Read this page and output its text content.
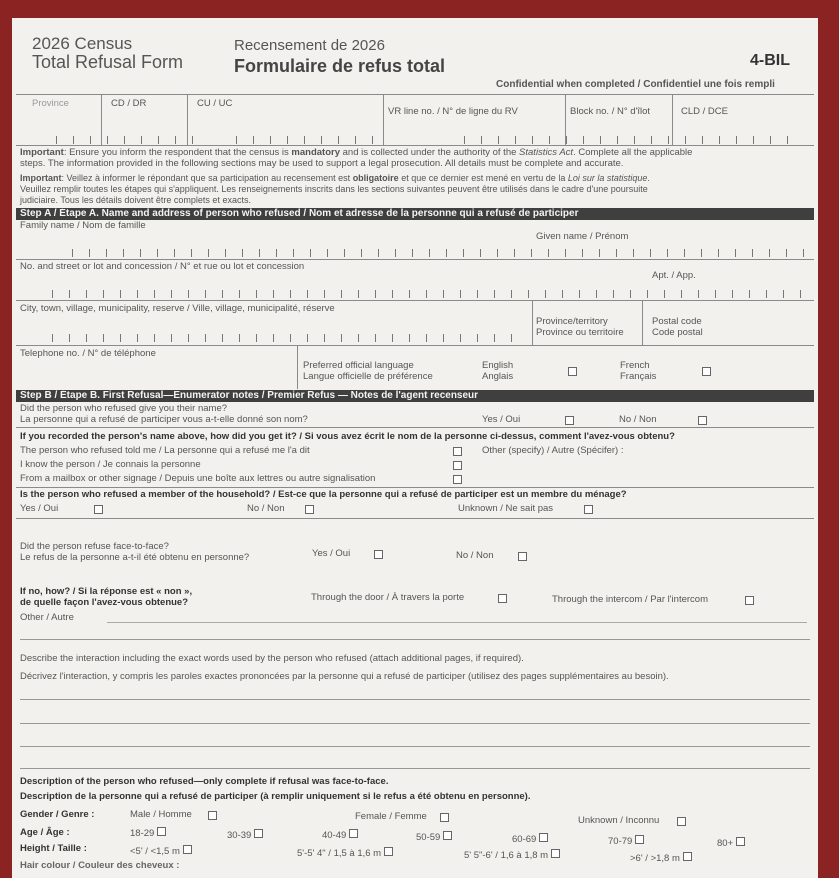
2026 Census	Recensement de 2026
Total Refusal Form	Formulaire de refus total	4-BIL
Confidential when completed / Confidentiel une fois rempli
Province	CD / DR	CU / UC
VR line no. / N° de ligne du RV	Block no. / N° d'îlot	CLD / DCE
Important: Ensure you inform the respondent that the census is mandatory and is collected under the authority of the Statistics Act. Complete all the applicable
steps. The information provided in the following sections may be used to support a legal prosecution. All details must be complete and accurate.
Important: Veillez à informer le répondant que sa participation au recensement est obligatoire et que ce dernier est mené en vertu de la Loi sur la statistique.
Veuillez remplir toutes les étapes qui s'appliquent. Les renseignements inscrits dans les sections suivantes peuvent être utilisés dans le cadre d'une poursuite
judiciaire. Tous les détails doivent être complets et exacts.
Step A / Étape A. Name and address of person who refused / Nom et adresse de la personne qui a refusé de participer
Family name / Nom de famille
Given name / Prénom
No. and street or lot and concession / N° et rue ou lot et concession
Apt. / App.
City, town, village, municipality, reserve / Ville, village, municipalité, réserve
Province/territory
Province ou territoire
Postal code
Code postal
Telephone no. / N° de téléphone
Preferred official language
Langue officielle de préférence
English
Anglais
French
Français
Step B / Étape B. First Refusal—Enumerator notes / Premier Refus — Notes de l'agent recenseur
Did the person who refused give you their name?
La personne qui a refusé de participer vous a-t-elle donné son nom?	Yes / Oui	No / Non
If you recorded the person's name above, how did you get it? / Si vous avez écrit le nom de la personne ci-dessus, comment l'avez-vous obtenu?
The person who refused told me / La personne qui a refusé me l'a dit	Other (specify) / Autre (Spécifer) :
I know the person / Je connais la personne
From a mailbox or other signage / Depuis une boîte aux lettres ou autre signalisation
Is the person who refused a member of the household? / Est-ce que la personne qui a refusé de participer est un membre du ménage?
Yes / Oui	No / Non	Unknown / Ne sait pas
Did the person refuse face-to-face?
Le refus de la personne a-t-il été obtenu en personne?	Yes / Oui	No / Non
If no, how? / Si la réponse est « non »,
de quelle façon l'avez-vous obtenue?	Through the door / À travers la porte	Through the intercom / Par l'intercom
Other / Autre
Describe the interaction including the exact words used by the person who refused (attach additional pages, if required).
Décrivez l'interaction, y compris les paroles exactes prononcées par la personne qui a refusé de participer (utilisez des pages supplémentaires au besoin).
Description of the person who refused—only complete if refusal was face-to-face.
Description de la personne qui a refusé de participer (à remplir uniquement si le refus a été obtenu en personne).
Gender / Genre :	Male / Homme	Female / Femme	Unknown / Inconnu
Age / Âge :	18-29	30-39	40-49	50-59	60-69	70-79	80+
Height / Taille :	<5' / <1,5 m	5'-5' 4" / 1,5 à 1,6 m	5' 5"-6' / 1,6 à 1,8 m	>6' / >1,8 m
Hair colour / Couleur des cheveux :
